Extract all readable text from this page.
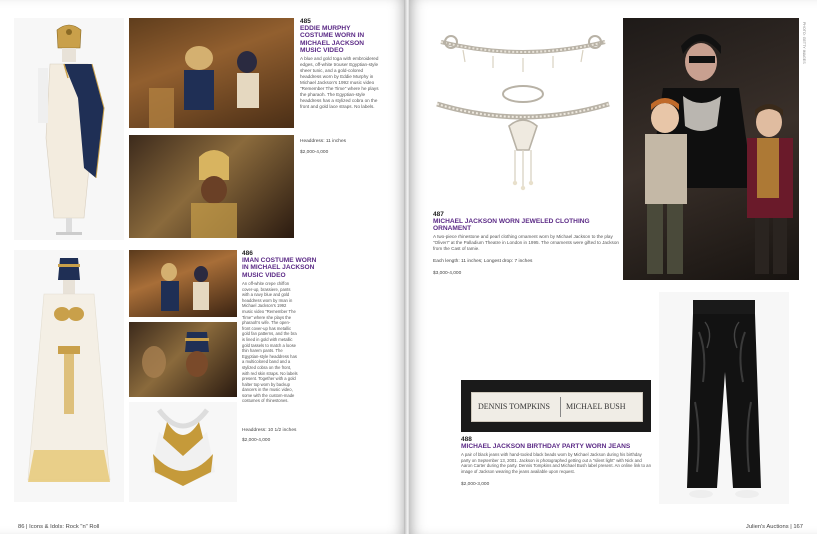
485
EDDIE MURPHY COSTUME WORN IN MICHAEL JACKSON MUSIC VIDEO
A blue and gold toga with embroidered edges, off-white trouser Egyptian-style sheer tunic, and a gold-colored headdress worn by Eddie Murphy in Michael Jackson's 1992 music video "Remember The Time" where he plays the pharaoh. The Egyptian-style headdress has a stylized cobra on the front and gold lace straps. No labels.
Headdress: 11 inches
$2,000-4,000
486
IMAN COSTUME WORN IN MICHAEL JACKSON MUSIC VIDEO
An off-white crepe chiffon cover-up, brassiere, pants with a navy blue and gold headdress worn by Iman in Michael Jackson's 1992 music video "Remember The Time" where she plays the pharaoh's wife. The open-front cover-up has metallic gold fan patterns, and the bra is lined in gold with metallic gold tassels to match a loose thin harem pants. The Egyptian-style headdress has a multicolored band and a stylized cobra on the front, with red skin straps. No labels present. Together with a gold halter top worn by backup dancers in the music video, some with the custom-made costumes of rhinestones.
Headdress: 10 1/2 inches
$2,000-4,000
86 | Icons & Idols: Rock "n" Roll
PHOTO: GETTY IMAGES
487
MICHAEL JACKSON WORN JEWELED CLOTHING ORNAMENT
A two-piece rhinestone and pearl clothing ornament worn by Michael Jackson to the play "Oliver!" at the Palladium Theatre in London in 1995. The ornaments were gifted to Jackson from the Cast of Iamie.
Each length: 11 inches; Longest drop: 7 inches
$3,000-4,000
DENNIS TOMPKINS MICHAEL BUSH
488
MICHAEL JACKSON BIRTHDAY PARTY WORN JEANS
A pair of black jeans with hand-tooled black beads worn by Michael Jackson during his birthday party on September 13, 2001. Jackson is photographed getting out a "silent light" with Nick and Aaron Carter during the party. Dennis Tompkins and Michael Bush label present. An online link to an image of Jackson wearing the jeans available upon request.
$2,000-3,000
Julien's Auctions | 167
